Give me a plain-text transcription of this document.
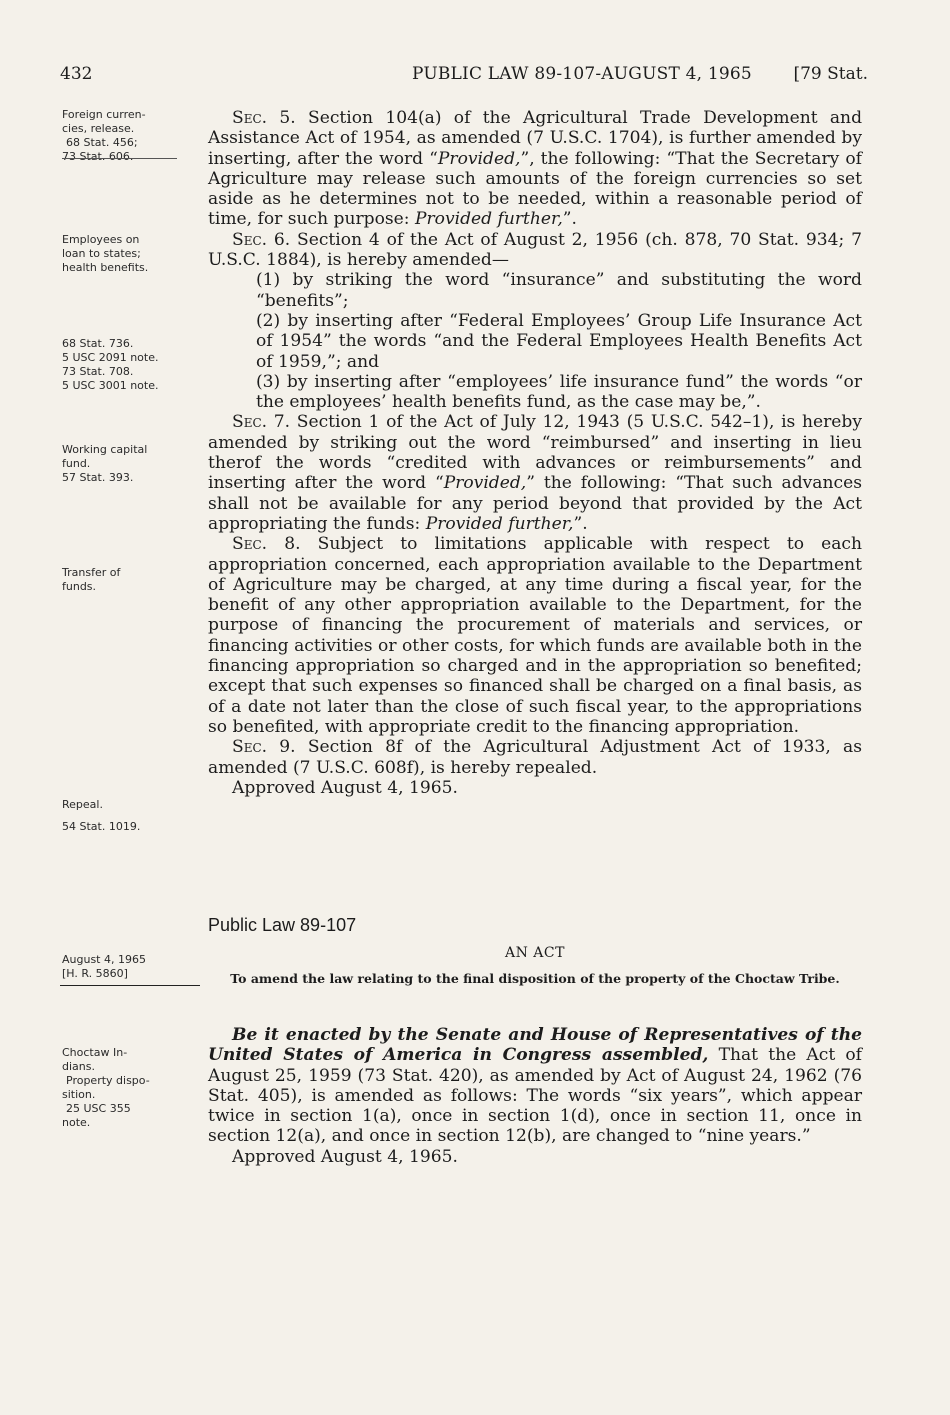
432	PUBLIC LAW 89-107-AUGUST 4, 1965 [79 Stat.
Foreign curren-
cies, release.
68 Stat. 456;
73 Stat. 606.
Employees on
loan to states;
health benefits.
68 Stat. 736.
5 USC 2091 note.
73 Stat. 708.
5 USC 3001 note.
Working capital
fund.
57 Stat. 393.
Transfer of
funds.
Repeal.
54 Stat. 1019.
August 4, 1965
[H. R. 5860]
Choctaw In-
dians.
Property dispo-
sition.
25 USC 355
note.

Sec. 5. Section 104(a) of the Agricultural Trade Development and Assistance Act of 1954, as amended (7 U.S.C. 1704), is further amended by inserting, after the word “Provided,”, the following: “That the Secretary of Agriculture may release such amounts of the foreign currencies so set aside as he determines not to be needed, within a reasonable period of time, for such purpose: Provided further,”.

Sec. 6. Section 4 of the Act of August 2, 1956 (ch. 878, 70 Stat. 934; 7 U.S.C. 1884), is hereby amended—

(1) by striking the word “insurance” and substituting the word “benefits”;

(2) by inserting after “Federal Employees’ Group Life Insurance Act of 1954” the words “and the Federal Employees Health Benefits Act of 1959,”; and

(3) by inserting after “employees’ life insurance fund” the words “or the employees’ health benefits fund, as the case may be,”.

Sec. 7. Section 1 of the Act of July 12, 1943 (5 U.S.C. 542–1), is hereby amended by striking out the word “reimbursed” and inserting in lieu therof the words “credited with advances or reimbursements” and inserting after the word “Provided,” the following: “That such advances shall not be available for any period beyond that provided by the Act appropriating the funds: Provided further,”.

Sec. 8. Subject to limitations applicable with respect to each appropriation concerned, each appropriation available to the Department of Agriculture may be charged, at any time during a fiscal year, for the benefit of any other appropriation available to the Department, for the purpose of financing the procurement of materials and services, or financing activities or other costs, for which funds are available both in the financing appropriation so charged and in the appropriation so benefited; except that such expenses so financed shall be charged on a final basis, as of a date not later than the close of such fiscal year, to the appropriations so benefited, with appropriate credit to the financing appropriation.

Sec. 9. Section 8f of the Agricultural Adjustment Act of 1933, as amended (7 U.S.C. 608f), is hereby repealed.

Approved August 4, 1965.

Public Law 89-107
AN ACT
To amend the law relating to the final disposition of the property of the Choctaw Tribe.

Be it enacted by the Senate and House of Representatives of the United States of America in Congress assembled, That the Act of August 25, 1959 (73 Stat. 420), as amended by Act of August 24, 1962 (76 Stat. 405), is amended as follows: The words “six years”, which appear twice in section 1(a), once in section 1(d), once in section 11, once in section 12(a), and once in section 12(b), are changed to “nine years.”

Approved August 4, 1965.
